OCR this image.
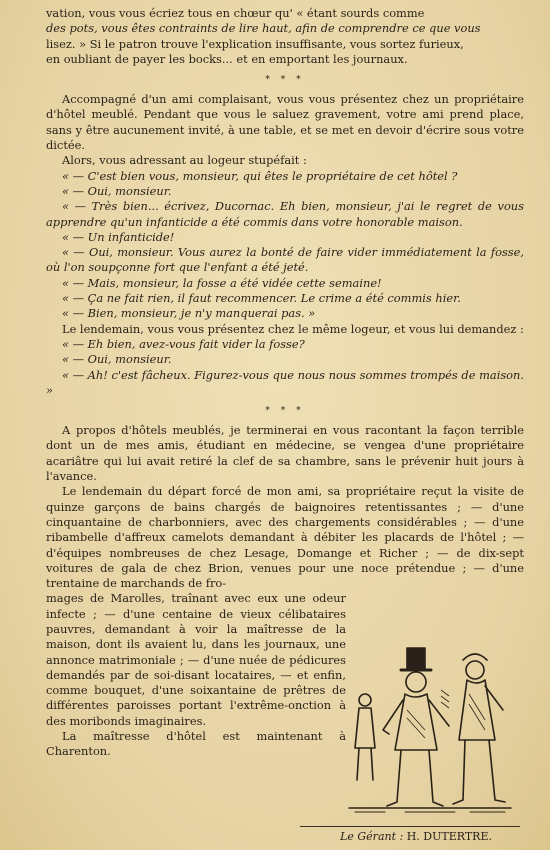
vation, vous vous écriez tous en chœur qu' « étant sourds comme

des pots, vous êtes contraints de lire haut, afin de comprendre ce que vous

lisez. » Si le patron trouve l'explication insuffisante, vous sortez furieux,

en oubliant de payer les bocks... et en emportant les journaux.

* * *

Accompagné d'un ami complaisant, vous vous présentez chez un propriétaire d'hôtel meublé. Pendant que vous le saluez gravement, votre ami prend place, sans y être aucunement invité, à une table, et se met en devoir d'écrire sous votre dictée.

Alors, vous adressant au logeur stupéfait :

« — C'est bien vous, monsieur, qui êtes le propriétaire de cet hôtel ?

« — Oui, monsieur.

« — Très bien... écrivez, Ducornac. Eh bien, monsieur, j'ai le regret de vous apprendre qu'un infanticide a été commis dans votre honorable maison.

« — Un infanticide!

« — Oui, monsieur. Vous aurez la bonté de faire vider immédiatement la fosse, où l'on soupçonne fort que l'enfant a été jeté.

« — Mais, monsieur, la fosse a été vidée cette semaine!

« — Ça ne fait rien, il faut recommencer. Le crime a été commis hier.

« — Bien, monsieur, je n'y manquerai pas. »

Le lendemain, vous vous présentez chez le même logeur, et vous lui demandez :

« — Eh bien, avez-vous fait vider la fosse?

« — Oui, monsieur.

« — Ah! c'est fâcheux. Figurez-vous que nous nous sommes trompés de maison. »

* * *

A propos d'hôtels meublés, je terminerai en vous racontant la façon terrible dont un de mes amis, étudiant en médecine, se vengea d'une propriétaire acariâtre qui lui avait retiré la clef de sa chambre, sans le prévenir huit jours à l'avance.

Le lendemain du départ forcé de mon ami, sa propriétaire reçut la visite de quinze garçons de bains chargés de baignoires retentissantes ; — d'une cinquantaine de charbonniers, avec des chargements considérables ; — d'une ribambelle d'affreux camelots demandant à débiter les placards de l'hôtel ; — d'équipes nombreuses de chez Lesage, Domange et Richer ; — de dix-sept voitures de gala de chez Brion, venues pour une noce prétendue ; — d'une trentaine de marchands de fro-

mages de Marolles, traînant avec eux une odeur infecte ; — d'une centaine de vieux célibataires pauvres, demandant à voir la maîtresse de la maison, dont ils avaient lu, dans les journaux, une annonce matrimoniale ; — d'une nuée de pédicures demandés par de soi-disant locataires, — et enfin, comme bouquet, d'une soixantaine de prêtres de différentes paroisses portant l'extrême-onction à des moribonds imaginaires.

La maîtresse d'hôtel est maintenant à Charenton.

Le Gérant : H. DUTERTRE.
